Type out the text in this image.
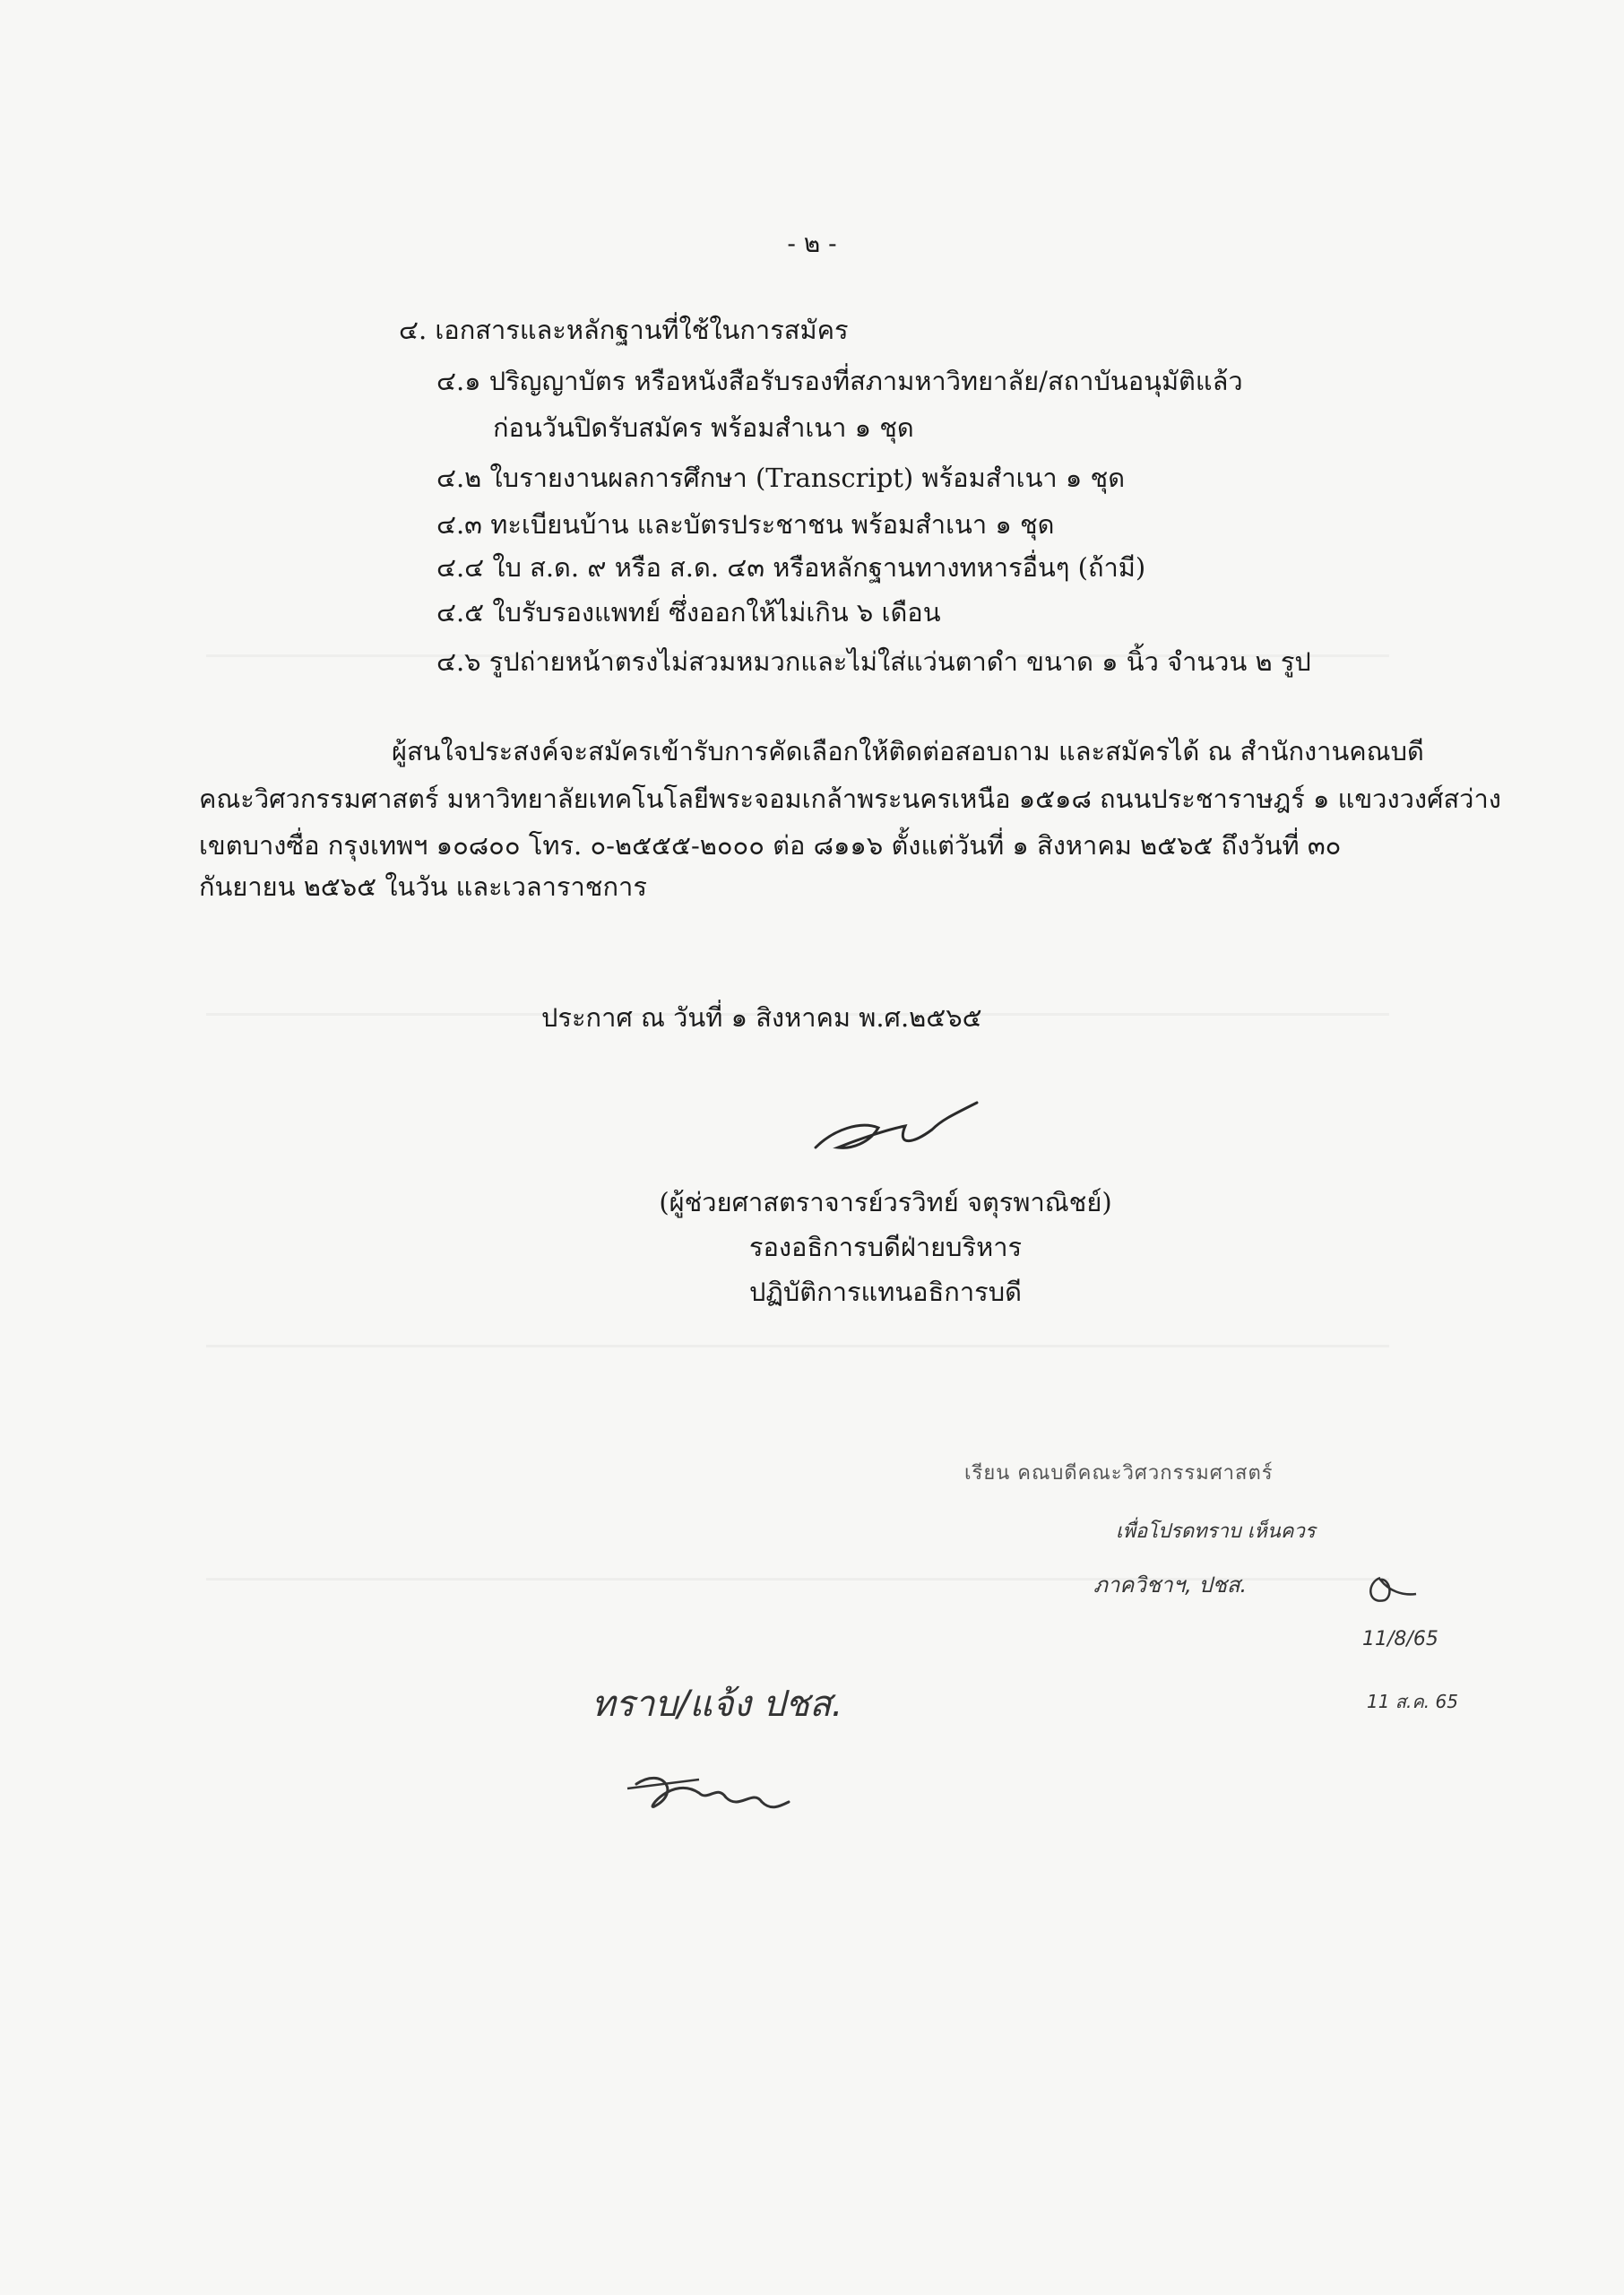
- ๒ -
๔. เอกสารและหลักฐานที่ใช้ในการสมัคร
๔.๑ ปริญญาบัตร หรือหนังสือรับรองที่สภามหาวิทยาลัย/สถาบันอนุมัติแล้ว
ก่อนวันปิดรับสมัคร พร้อมสำเนา ๑ ชุด
๔.๒ ใบรายงานผลการศึกษา (Transcript) พร้อมสำเนา ๑ ชุด
๔.๓ ทะเบียนบ้าน และบัตรประชาชน พร้อมสำเนา ๑ ชุด
๔.๔ ใบ ส.ด. ๙ หรือ ส.ด. ๔๓ หรือหลักฐานทางทหารอื่นๆ (ถ้ามี)
๔.๕ ใบรับรองแพทย์ ซึ่งออกให้ไม่เกิน ๖ เดือน
๔.๖ รูปถ่ายหน้าตรงไม่สวมหมวกและไม่ใส่แว่นตาดำ ขนาด ๑ นิ้ว จำนวน ๒ รูป
ผู้สนใจประสงค์จะสมัครเข้ารับการคัดเลือกให้ติดต่อสอบถาม และสมัครได้ ณ สำนักงานคณบดี
คณะวิศวกรรมศาสตร์ มหาวิทยาลัยเทคโนโลยีพระจอมเกล้าพระนครเหนือ ๑๕๑๘ ถนนประชาราษฎร์ ๑ แขวงวงศ์สว่าง
เขตบางซื่อ กรุงเทพฯ ๑๐๘๐๐ โทร. ๐-๒๕๕๕-๒๐๐๐ ต่อ ๘๑๑๖ ตั้งแต่วันที่ ๑ สิงหาคม ๒๕๖๕ ถึงวันที่ ๓๐
กันยายน ๒๕๖๕ ในวัน และเวลาราชการ
ประกาศ ณ วันที่ ๑ สิงหาคม พ.ศ.๒๕๖๕
(ผู้ช่วยศาสตราจารย์วรวิทย์ จตุรพาณิชย์)
รองอธิการบดีฝ่ายบริหาร
ปฏิบัติการแทนอธิการบดี
เรียน คณบดีคณะวิศวกรรมศาสตร์
เพื่อโปรดทราบ เห็นควร
ภาควิชาฯ, ปชส.
11/8/65
11 ส.ค. 65
ทราบ/แจ้ง ปชส.
